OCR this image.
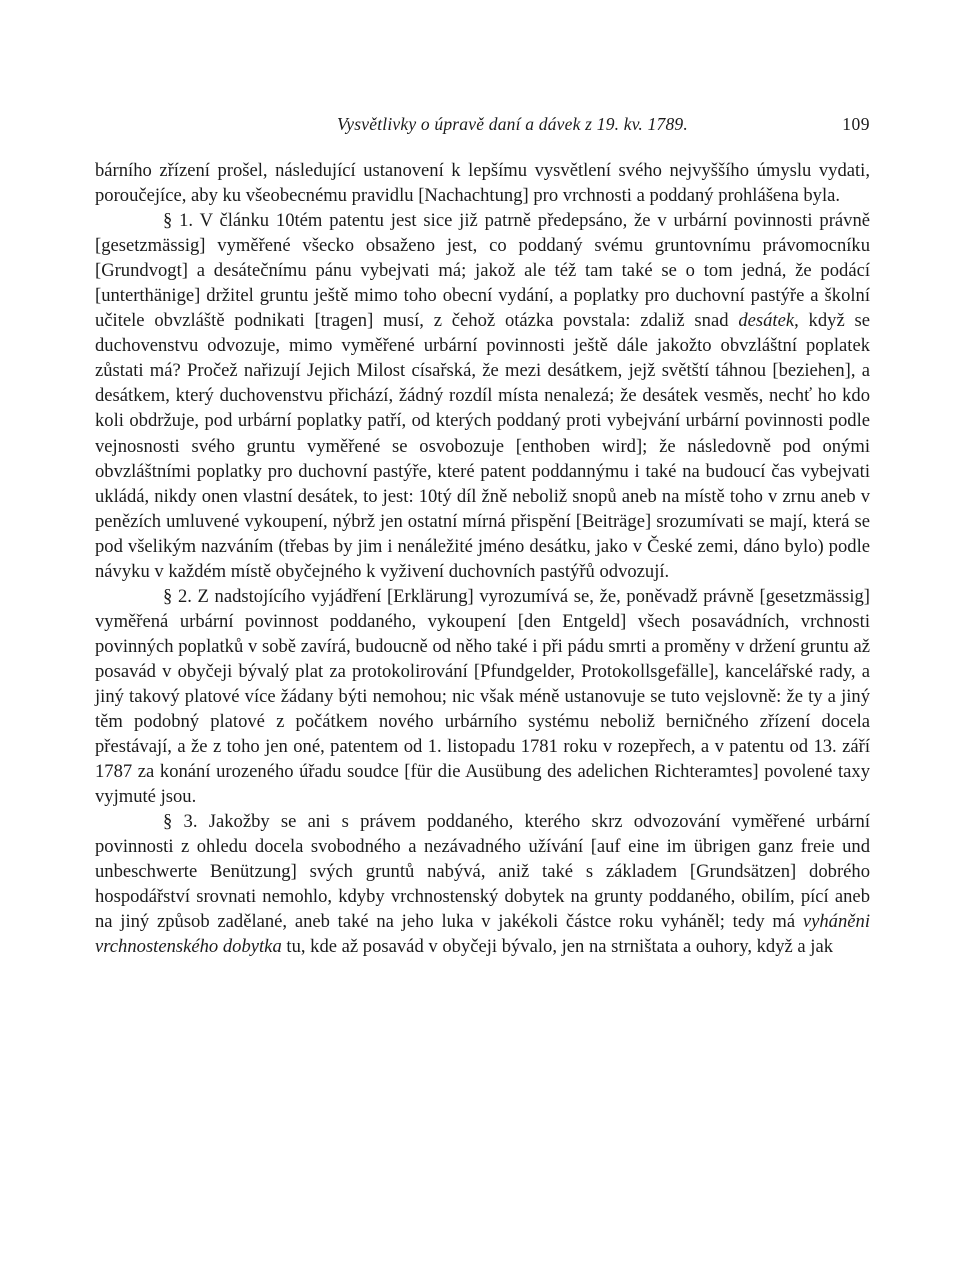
Vysvětlivky o úpravě daní a dávek z 19. kv. 1789.	109

bárního zřízení prošel, následující ustanovení k lepšímu vysvětlení svého nejvyššího úmyslu vydati, poroučejíce, aby ku všeobecnému pravidlu [Nachachtung] pro vrchnosti a poddaný prohlášena byla.

§ 1. V článku 10tém patentu jest sice již patrně předepsáno, že v urbární povinnosti právně [gesetzmässig] vyměřené všecko obsaženo jest, co poddaný svému gruntovnímu právomocníku [Grundvogt] a desátečnímu pánu vybejvati má; jakož ale též tam také se o tom jedná, že podácí [unterthänige] držitel gruntu ještě mimo toho obecní vydání, a poplatky pro duchovní pastýře a školní učitele obvzláště podnikati [tragen] musí, z čehož otázka povstala: zdaliž snad desátek, když se duchovenstvu odvozuje, mimo vyměřené urbární povinnosti ještě dále jakožto obvzláštní poplatek zůstati má? Pročež nařizují Jejich Milost císařská, že mezi desátkem, jejž světští táhnou [beziehen], a desátkem, který duchovenstvu přichází, žádný rozdíl místa nenalezá; že desátek vesměs, nechť ho kdo koli obdržuje, pod urbární poplatky patří, od kterých poddaný proti vybejvání urbární povinnosti podle vejnosnosti svého gruntu vyměřené se osvobozuje [enthoben wird]; že následovně pod onými obvzláštními poplatky pro duchovní pastýře, které patent poddannýmu i také na budoucí čas vybejvati ukládá, nikdy onen vlastní desátek, to jest: 10tý díl žně neboliž snopů aneb na místě toho v zrnu aneb v penězích umluvené vykoupení, nýbrž jen ostatní mírná přispění [Beiträge] srozumívati se mají, která se pod všelikým nazváním (třebas by jim i nenáležité jméno desátku, jako v České zemi, dáno bylo) podle návyku v každém místě obyčejného k vyživení duchovních pastýřů odvozují.

§ 2. Z nadstojícího vyjádření [Erklärung] vyrozumívá se, že, poněvadž právně [gesetzmässig] vyměřená urbární povinnost poddaného, vykoupení [den Entgeld] všech posavádních, vrchnosti povinných poplatků v sobě zavírá, budoucně od něho také i při pádu smrti a proměny v držení gruntu až posavád v obyčeji bývalý plat za protokolirování [Pfundgelder, Protokollsgefälle], kancelářské rady, a jiný takový platové více žádany býti nemohou; nic však méně ustanovuje se tuto vejslovně: že ty a jiný těm podobný platové z počátkem nového urbárního systému neboliž berničného zřízení docela přestávají, a že z toho jen oné, patentem od 1. listopadu 1781 roku v rozepřech, a v patentu od 13. září 1787 za konání urozeného úřadu soudce [für die Ausübung des adelichen Richteramtes] povolené taxy vyjmuté jsou.

§ 3. Jakožby se ani s právem poddaného, kterého skrz odvozování vyměřené urbární povinnosti z ohledu docela svobodného a nezávadného užívání [auf eine im übrigen ganz freie und unbeschwerte Benützung] svých gruntů nabývá, aniž také s základem [Grundsätzen] dobrého hospodářství srovnati nemohlo, kdyby vrchnostenský dobytek na grunty poddaného, obilím, pící aneb na jiný způsob zadělané, aneb také na jeho luka v jakékoli částce roku vyháněl; tedy má vyháněni vrchnostenského dobytka tu, kde až posavád v obyčeji bývalo, jen na strništata a ouhory, když a jak
